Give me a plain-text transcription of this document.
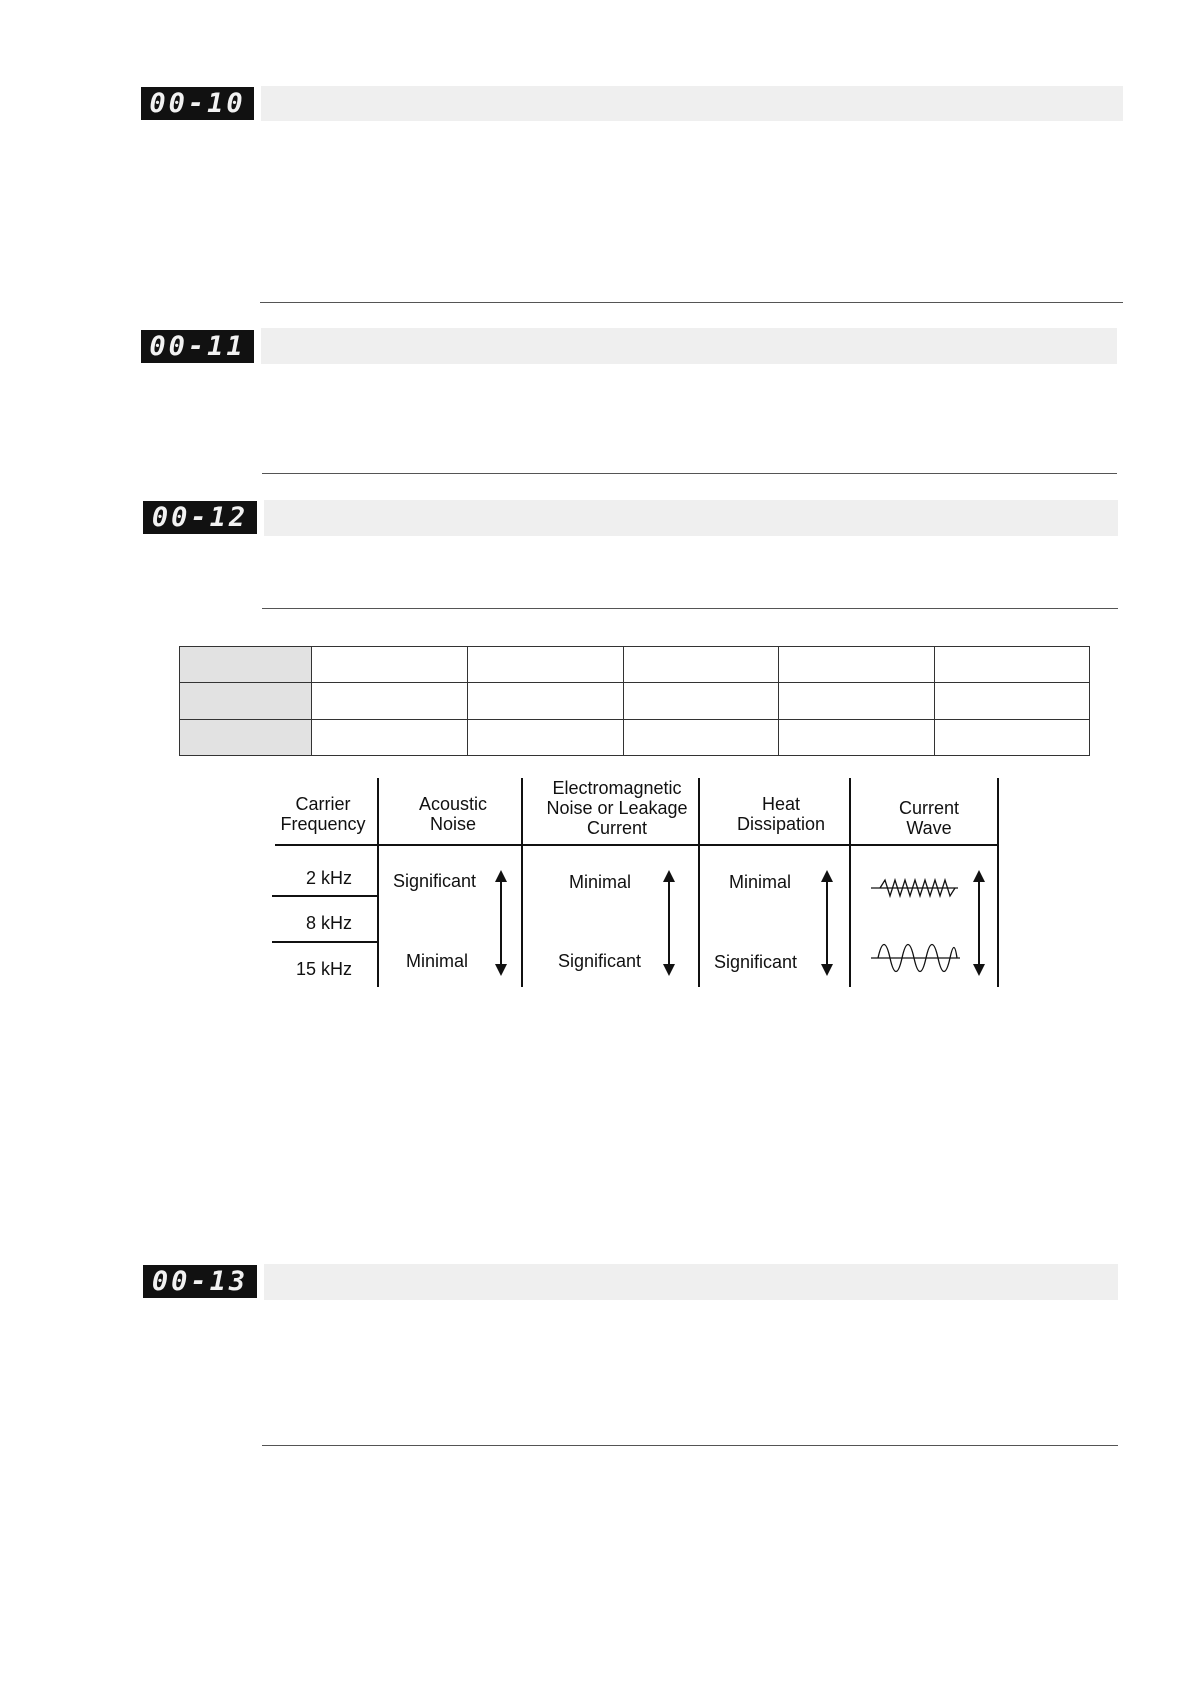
00-10
00-11
00-12
Carrier
Frequency
Acoustic
Noise
Electromagnetic
Noise or Leakage
Current
Heat
Dissipation
Current
Wave
2 kHz
8 kHz
15 kHz
Significant
Minimal
Minimal
Significant
Minimal
Significant
00-13
